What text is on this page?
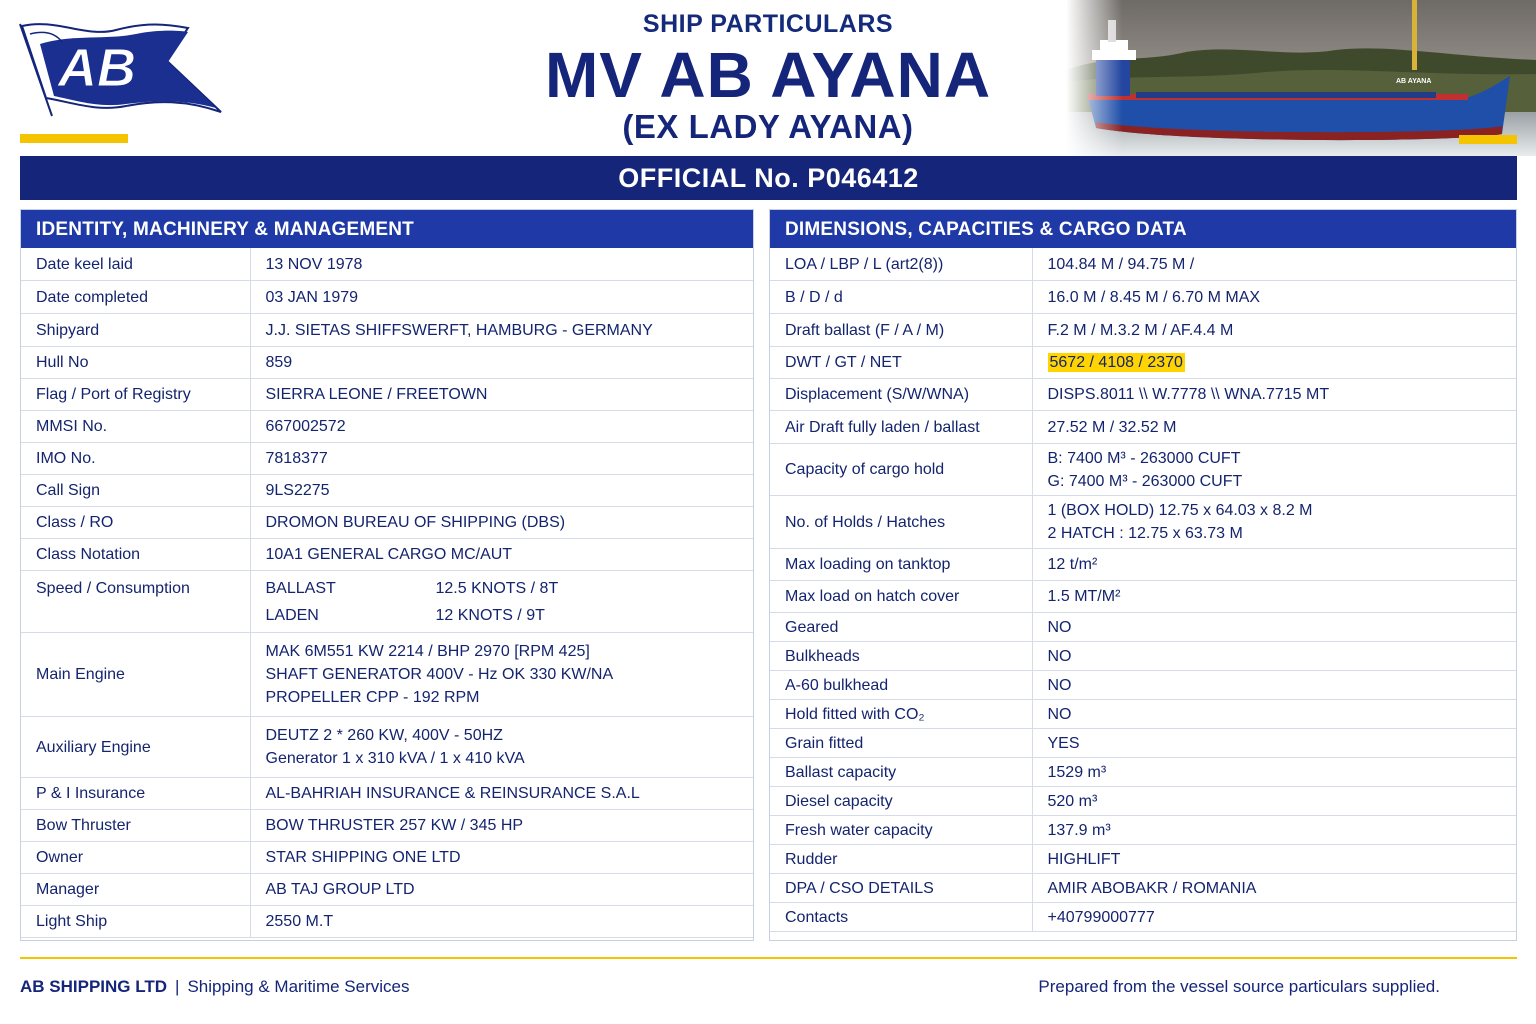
AB
SHIP PARTICULARS
MV AB AYANA
(EX LADY AYANA)
OFFICIAL No. P046412
IDENTITY, MACHINERY & MANAGEMENT
Date keel laid	13 NOV 1978

Date completed	03 JAN 1979

Shipyard	J.J. SIETAS SHIFFSWERFT, HAMBURG - GERMANY

Hull No	859

Flag / Port of Registry	SIERRA LEONE / FREETOWN

MMSI No.	667002572

IMO No.	7818377

Call Sign	9LS2275

Class / RO	DROMON BUREAU OF SHIPPING (DBS)

Class Notation	10A1 GENERAL CARGO MC/AUT

Speed / Consumption	BALLAST 12.5 KNOTS / 8T
LADEN 12 KNOTS / 9T

Main Engine	MAK 6M551 KW 2214 / BHP 2970 [RPM 425]
SHAFT GENERATOR 400V - Hz OK 330 KW/NA
PROPELLER CPP - 192 RPM

Auxiliary Engine	DEUTZ 2 * 260 KW, 400V - 50HZ
Generator 1 x 310 kVA / 1 x 410 kVA

P & I Insurance	AL-BAHRIAH INSURANCE & REINSURANCE S.A.L

Bow Thruster	BOW THRUSTER 257 KW / 345 HP

Owner	STAR SHIPPING ONE LTD

Manager	AB TAJ GROUP LTD

Light Ship	2550 M.T
DIMENSIONS, CAPACITIES & CARGO DATA
LOA / LBP / L (art2(8))	104.84 M / 94.75 M /

B / D / d	16.0 M / 8.45 M / 6.70 M MAX

Draft ballast (F / A / M)	F.2 M / M.3.2 M / AF.4.4 M

DWT / GT / NET	5672 / 4108 / 2370

Displacement (S/W/WNA)	DISPS.8011 \\ W.7778 \\ WNA.7715 MT

Air Draft fully laden / ballast	27.52 M / 32.52 M

Capacity of cargo hold	B: 7400 M³ - 263000 CUFT
G: 7400 M³ - 263000 CUFT

No. of Holds / Hatches	1 (BOX HOLD) 12.75 x 64.03 x 8.2 M
2 HATCH : 12.75 x 63.73 M

Max loading on tanktop	12 t/m²

Max load on hatch cover	1.5 MT/M²

Geared	NO

Bulkheads	NO

A-60 bulkhead	NO

Hold fitted with CO₂	NO

Grain fitted	YES

Ballast capacity	1529 m³

Diesel capacity	520 m³

Fresh water capacity	137.9 m³

Rudder	HIGHLIFT

DPA / CSO DETAILS	AMIR ABOBAKR / ROMANIA

Contacts	+40799000777
AB SHIPPING LTD | Shipping & Maritime Services	Prepared from the vessel source particulars supplied.
